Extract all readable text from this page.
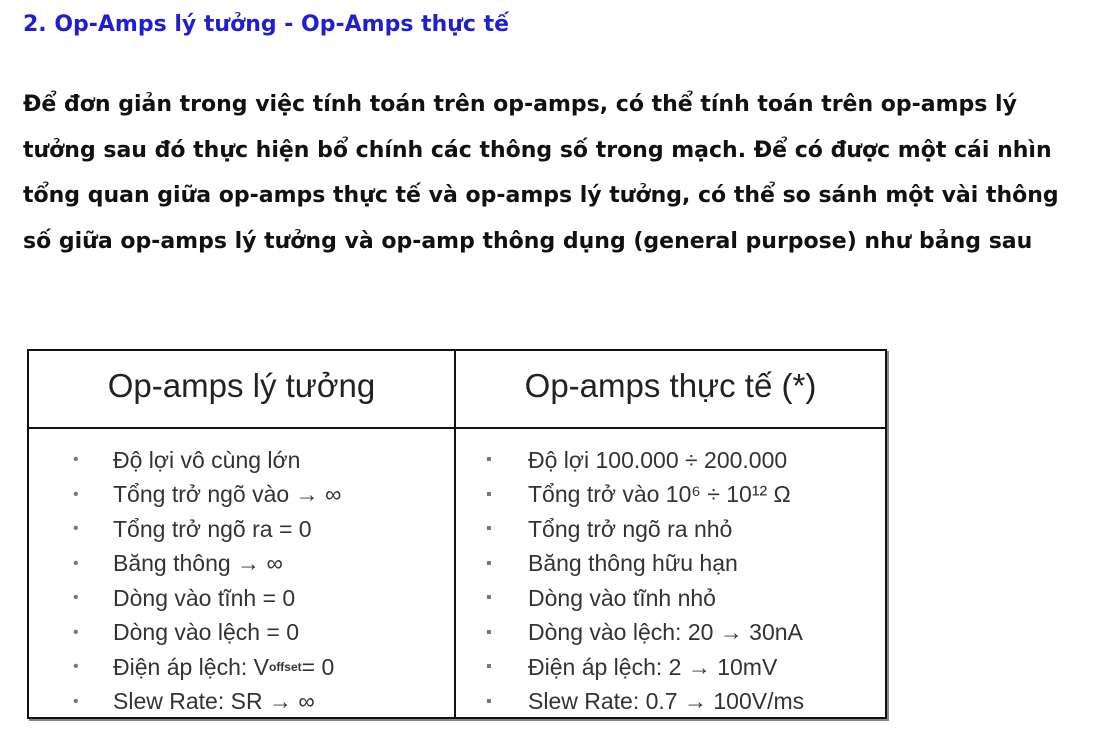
2. Op-Amps lý tưởng - Op-Amps thực tế

Để đơn giản trong việc tính toán trên op-amps, có thể tính toán trên op-amps lý tưởng sau đó thực hiện bổ chính các thông số trong mạch. Để có được một cái nhìn tổng quan giữa op-amps thực tế và op-amps lý tưởng, có thể so sánh một vài thông số giữa op-amps lý tưởng và op-amp thông dụng (general purpose) như bảng sau

Op-amps lý tưởng	Op-amps thực tế (*)
•	Độ lợi vô cùng lớn
•	Tổng trở ngõ vào → ∞
•	Tổng trở ngõ ra = 0
•	Băng thông → ∞
•	Dòng vào tĩnh = 0
•	Dòng vào lệch = 0
•	Điện áp lệch: V offset = 0
•	Slew Rate: SR → ∞
▪	Độ lợi 100.000 ÷ 200.000
▪	Tổng trở vào 10⁶ ÷ 10¹² Ω
▪	Tổng trở ngõ ra nhỏ
▪	Băng thông hữu hạn
▪	Dòng vào tĩnh nhỏ
▪	Dòng vào lệch: 20 → 30nA
▪	Điện áp lệch: 2 → 10mV
▪	Slew Rate: 0.7 → 100V/ms
